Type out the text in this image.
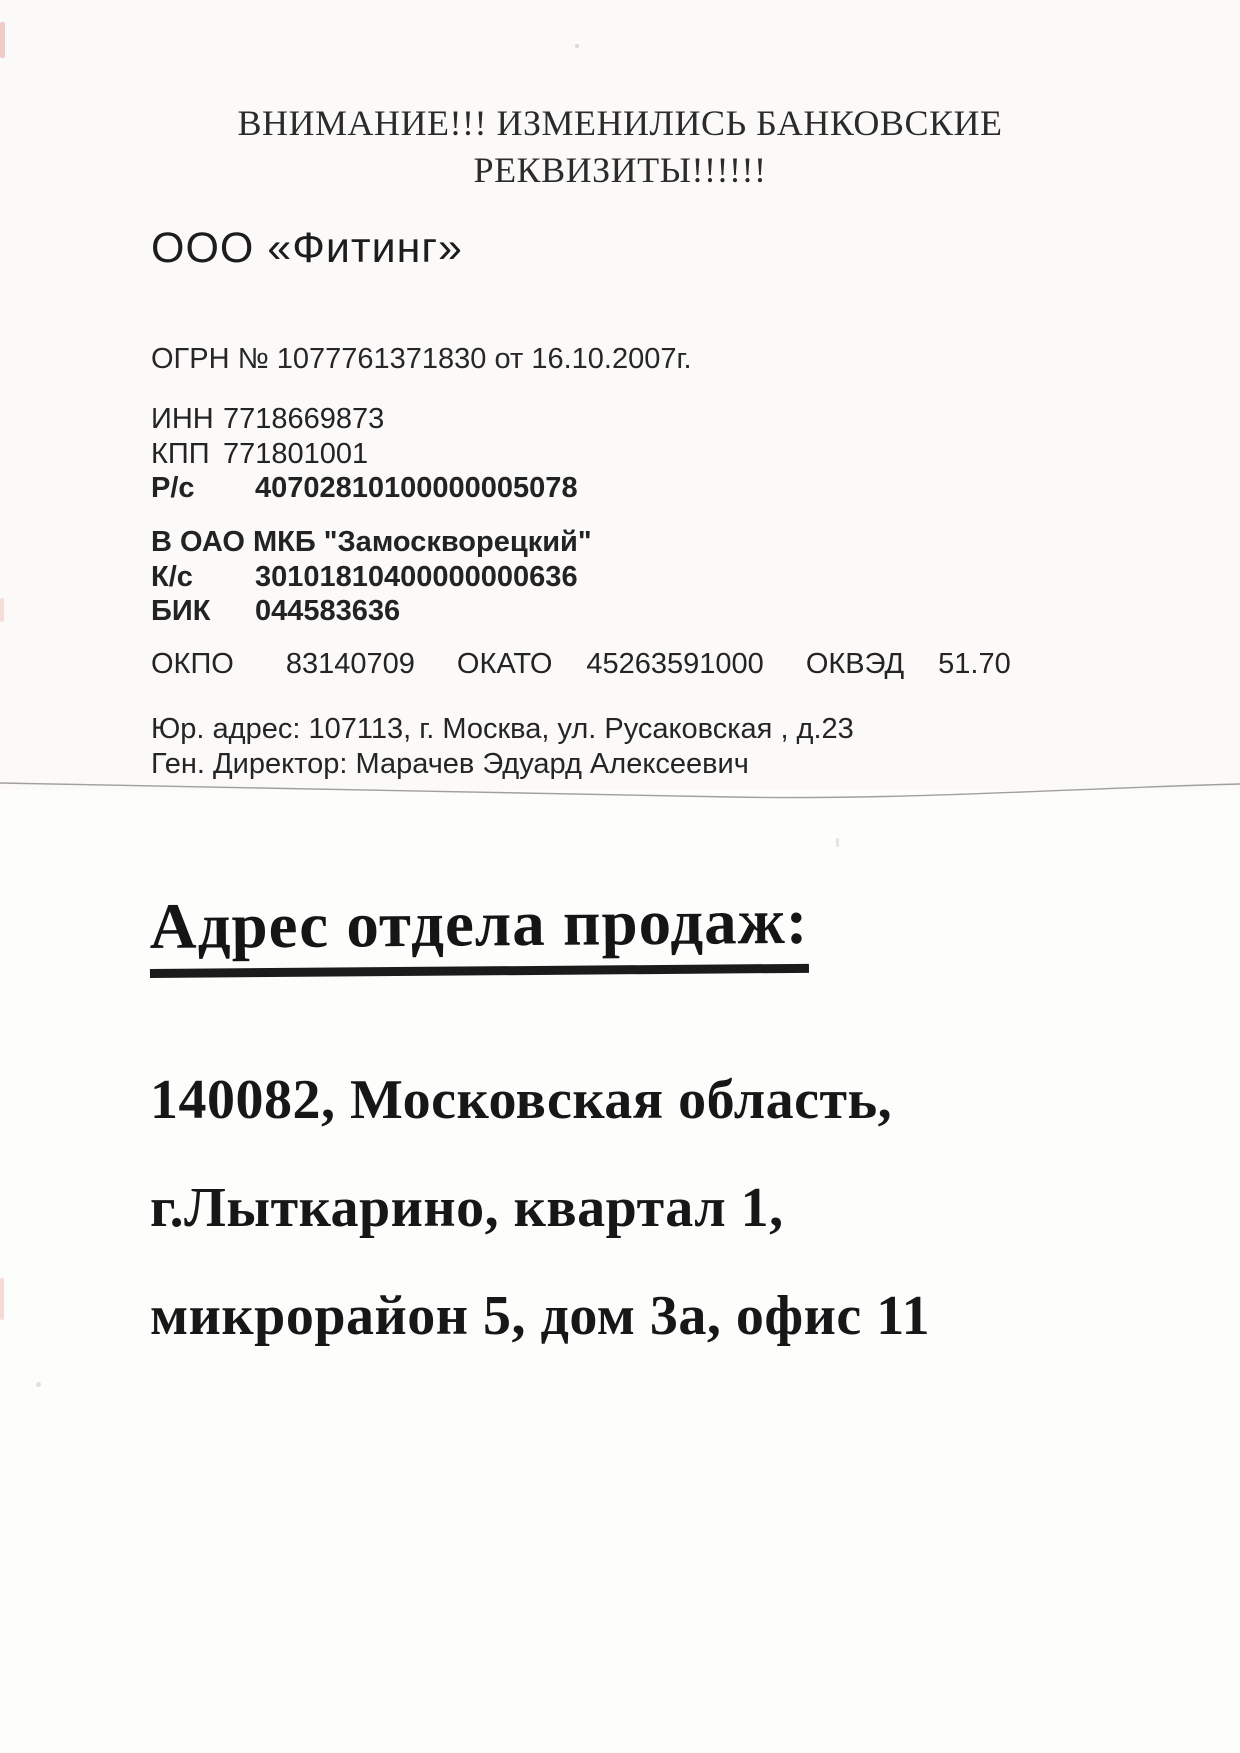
ВНИМАНИЕ!!! ИЗМЕНИЛИСЬ БАНКОВСКИЕ
РЕКВИЗИТЫ!!!!!!
ООО «Фитинг»
ОГРН № 1077761371830 от 16.10.2007г.
ИНН 7718669873
КПП 771801001
Р/с	40702810100000005078
В ОАО МКБ "Замоскворецкий"
К/с	30101810400000000636
БИК	044583636
ОКПО 83140709 ОКАТО 45263591000 ОКВЭД 51.70
Юр. адрес: 107113, г. Москва, ул. Русаковская , д.23
Ген. Директор: Марачев Эдуард Алексеевич
Адрес отдела продаж:
140082, Московская область,
г.Лыткарино, квартал 1,
микрорайон 5, дом 3а, офис 11
